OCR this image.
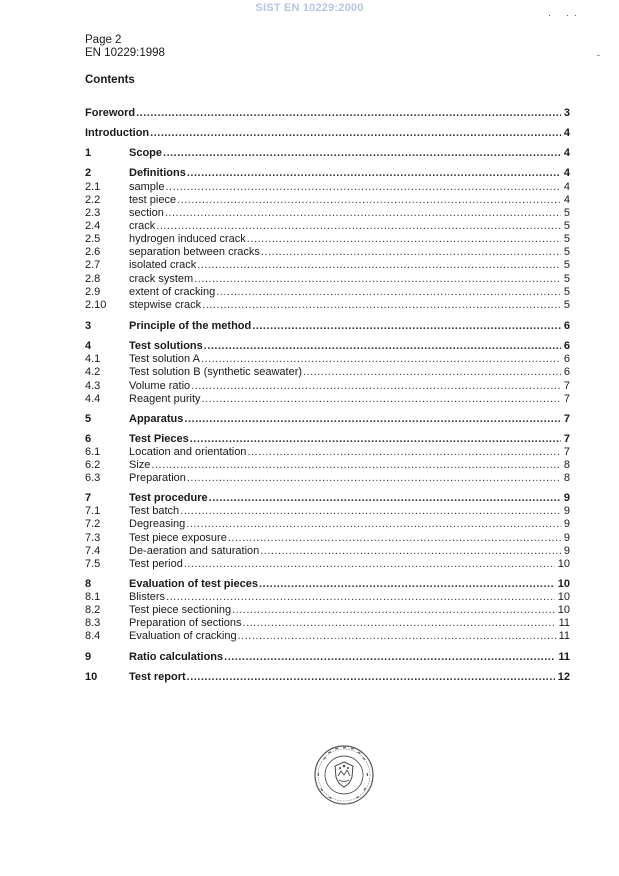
SIST EN 10229:2000
·      ·  ·
-
Page 2
EN 10229:1998
Contents
Foreword .....	3
Introduction .....	4
1	Scope .....	4
2	Definitions .....	4
2.1	sample .....	4
2.2	test piece .....	4
2.3	section .....	5
2.4	crack .....	5
2.5	hydrogen induced crack .....	5
2.6	separation between cracks .....	5
2.7	isolated crack .....	5
2.8	crack system .....	5
2.9	extent of cracking .....	5
2.10	stepwise crack .....	5
3	Principle of the method .....	6
4	Test solutions .....	6
4.1	Test solution A .....	6
4.2	Test solution B (synthetic seawater) .....	6
4.3	Volume ratio .....	7
4.4	Reagent purity .....	7
5	Apparatus .....	7
6	Test Pieces .....	7
6.1	Location and orientation .....	7
6.2	Size .....	8
6.3	Preparation .....	8
7	Test procedure .....	9
7.1	Test batch .....	9
7.2	Degreasing .....	9
7.3	Test piece exposure .....	9
7.4	De-aeration and saturation .....	9
7.5	Test period .....	10
8	Evaluation of test pieces .....	10
8.1	Blisters .....	10
8.2	Test piece sectioning .....	10
8.3	Preparation of sections .....	11
8.4	Evaluation of cracking .....	11
9	Ratio calculations .....	11
10	Test report .....	12
